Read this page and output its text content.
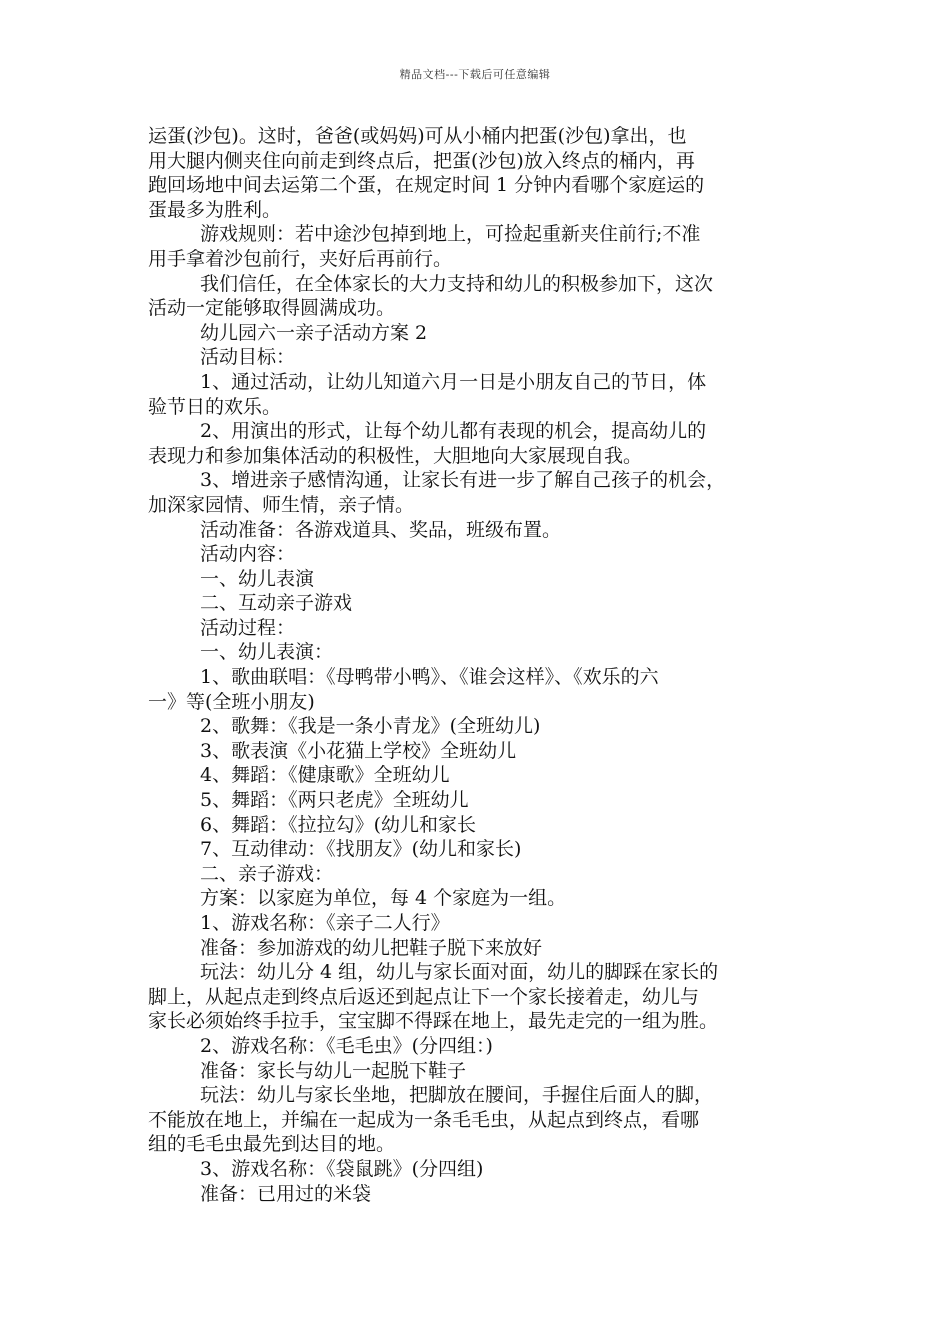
精品文档---下载后可任意编辑

运蛋(沙包)。这时，爸爸(或妈妈)可从小桶内把蛋(沙包)拿出，也

用大腿内侧夹住向前走到终点后，把蛋(沙包)放入终点的桶内，再

跑回场地中间去运第二个蛋，在规定时间 1 分钟内看哪个家庭运的

蛋最多为胜利。

游戏规则：若中途沙包掉到地上，可捡起重新夹住前行;不准

用手拿着沙包前行，夹好后再前行。

我们信任，在全体家长的大力支持和幼儿的积极参加下，这次

活动一定能够取得圆满成功。

幼儿园六一亲子活动方案 2

活动目标：

1、通过活动，让幼儿知道六月一日是小朋友自己的节日，体

验节日的欢乐。

2、用演出的形式，让每个幼儿都有表现的机会，提高幼儿的

表现力和参加集体活动的积极性，大胆地向大家展现自我。

3、增进亲子感情沟通，让家长有进一步了解自己孩子的机会，

加深家园情、师生情，亲子情。

活动准备：各游戏道具、奖品，班级布置。

活动内容：

一、幼儿表演

二、互动亲子游戏

活动过程：

一、幼儿表演：

1、歌曲联唱：《母鸭带小鸭》、《谁会这样》、《欢乐的六

一》等(全班小朋友)

2、歌舞：《我是一条小青龙》(全班幼儿)

3、歌表演《小花猫上学校》全班幼儿

4、舞蹈：《健康歌》全班幼儿

5、舞蹈：《两只老虎》全班幼儿

6、舞蹈：《拉拉勾》(幼儿和家长

7、互动律动：《找朋友》(幼儿和家长)

二、亲子游戏：

方案：以家庭为单位，每 4 个家庭为一组。

1、游戏名称：《亲子二人行》

准备：参加游戏的幼儿把鞋子脱下来放好

玩法：幼儿分 4 组，幼儿与家长面对面，幼儿的脚踩在家长的

脚上，从起点走到终点后返还到起点让下一个家长接着走，幼儿与

家长必须始终手拉手，宝宝脚不得踩在地上，最先走完的一组为胜。

2、游戏名称：《毛毛虫》(分四组：)

准备：家长与幼儿一起脱下鞋子

玩法：幼儿与家长坐地，把脚放在腰间，手握住后面人的脚，

不能放在地上，并编在一起成为一条毛毛虫，从起点到终点，看哪

组的毛毛虫最先到达目的地。

3、游戏名称：《袋鼠跳》(分四组)

准备：已用过的米袋
